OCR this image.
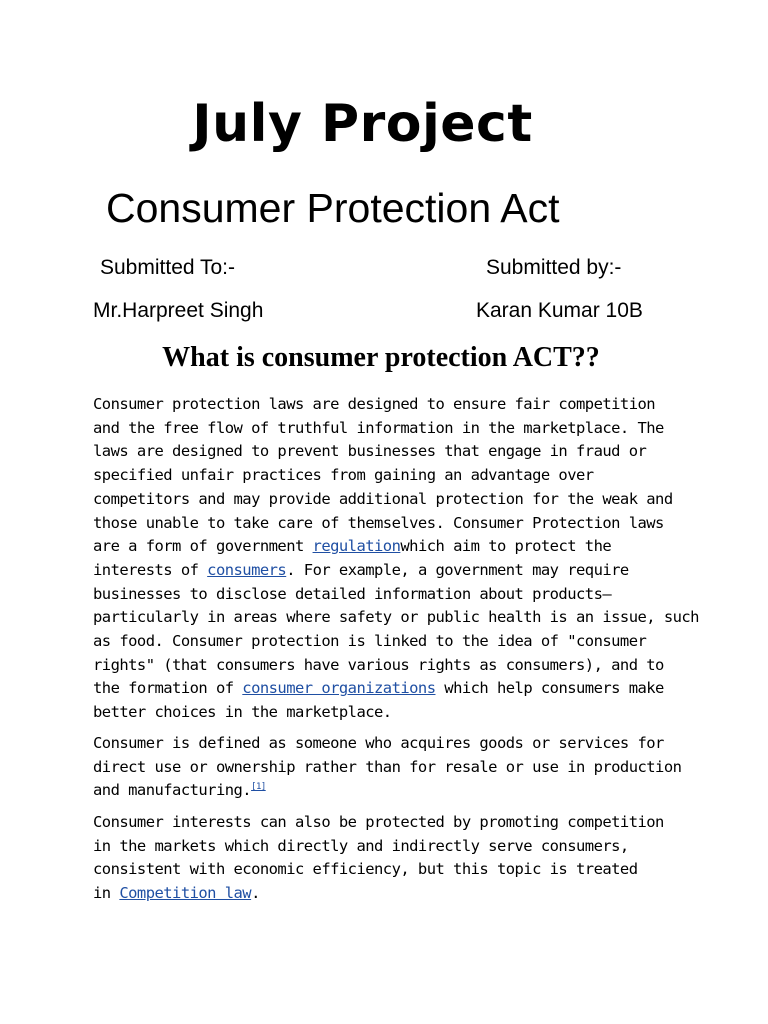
July Project
Consumer Protection Act
Submitted To:-	Submitted by:-
Mr.Harpreet Singh	Karan Kumar 10B
What is consumer protection ACT??
Consumer protection laws are designed to ensure fair competition
and the free flow of truthful information in the marketplace. The
laws are designed to prevent businesses that engage in fraud or
specified unfair practices from gaining an advantage over
competitors and may provide additional protection for the weak and
those unable to take care of themselves. Consumer Protection laws
are a form of government regulationwhich aim to protect the
interests of consumers. For example, a government may require
businesses to disclose detailed information about products—
particularly in areas where safety or public health is an issue, such
as food. Consumer protection is linked to the idea of "consumer
rights" (that consumers have various rights as consumers), and to
the formation of consumer organizations which help consumers make
better choices in the marketplace.
Consumer is defined as someone who acquires goods or services for
direct use or ownership rather than for resale or use in production
and manufacturing.[1]
Consumer interests can also be protected by promoting competition
in the markets which directly and indirectly serve consumers,
consistent with economic efficiency, but this topic is treated
in Competition law.
